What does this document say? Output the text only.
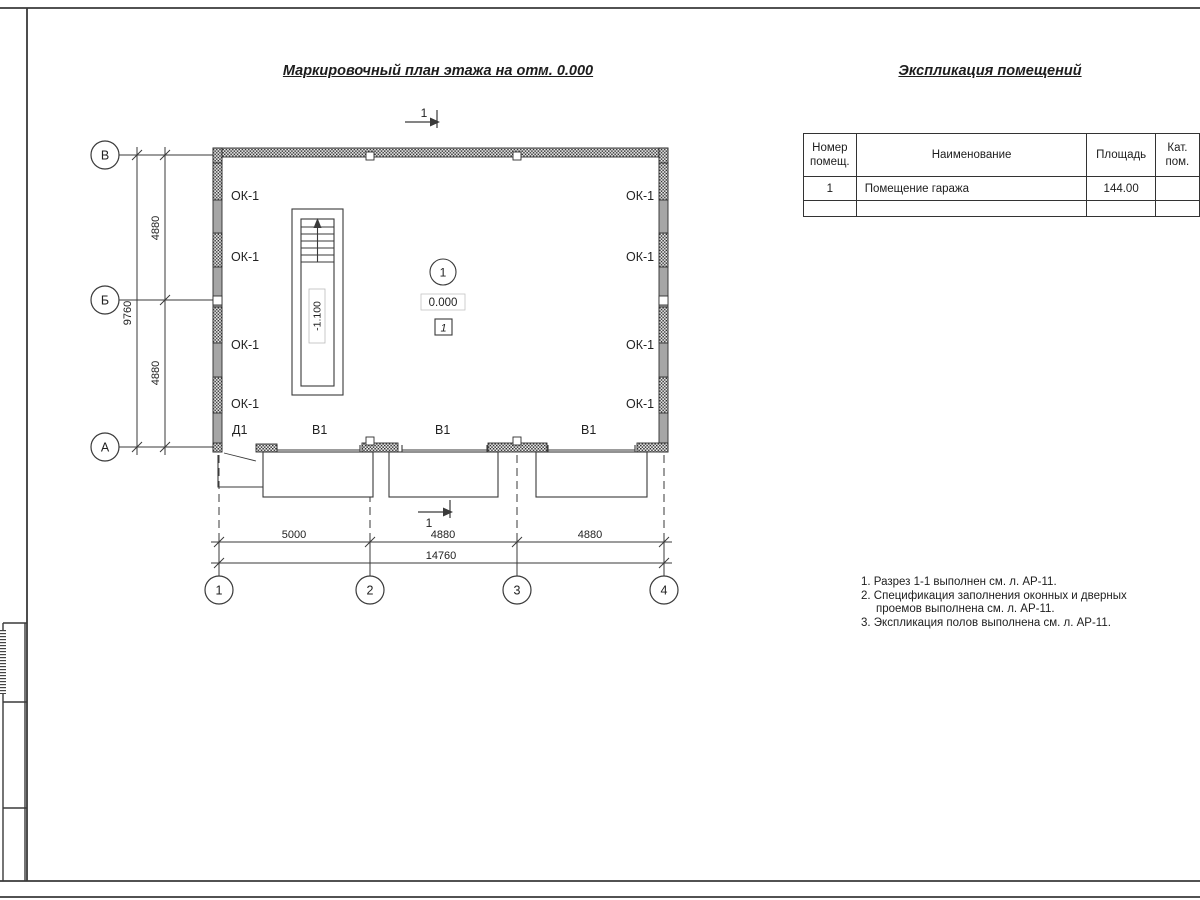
В
Б
А
4880
4880
9760
1	2	3	4
5000	4880	4880
14760
-1.100
1
0.000
1
1
1
ОК-1
ОК-1
ОК-1
ОК-1
ОК-1
ОК-1
ОК-1
ОК-1
Д1	В1	В1	В1
Маркировочный план этажа на отм. 0.000	Экспликация помещений
Номер помещ.	Наименование	Площадь	Кат. пом.
1	Помещение гаража	144.00	

1. Разрез 1-1 выполнен см. л. АР-11.
2. Спецификация заполнения оконных и дверных проемов выполнена см. л. АР-11.
3. Экспликация полов выполнена см. л. АР-11.
